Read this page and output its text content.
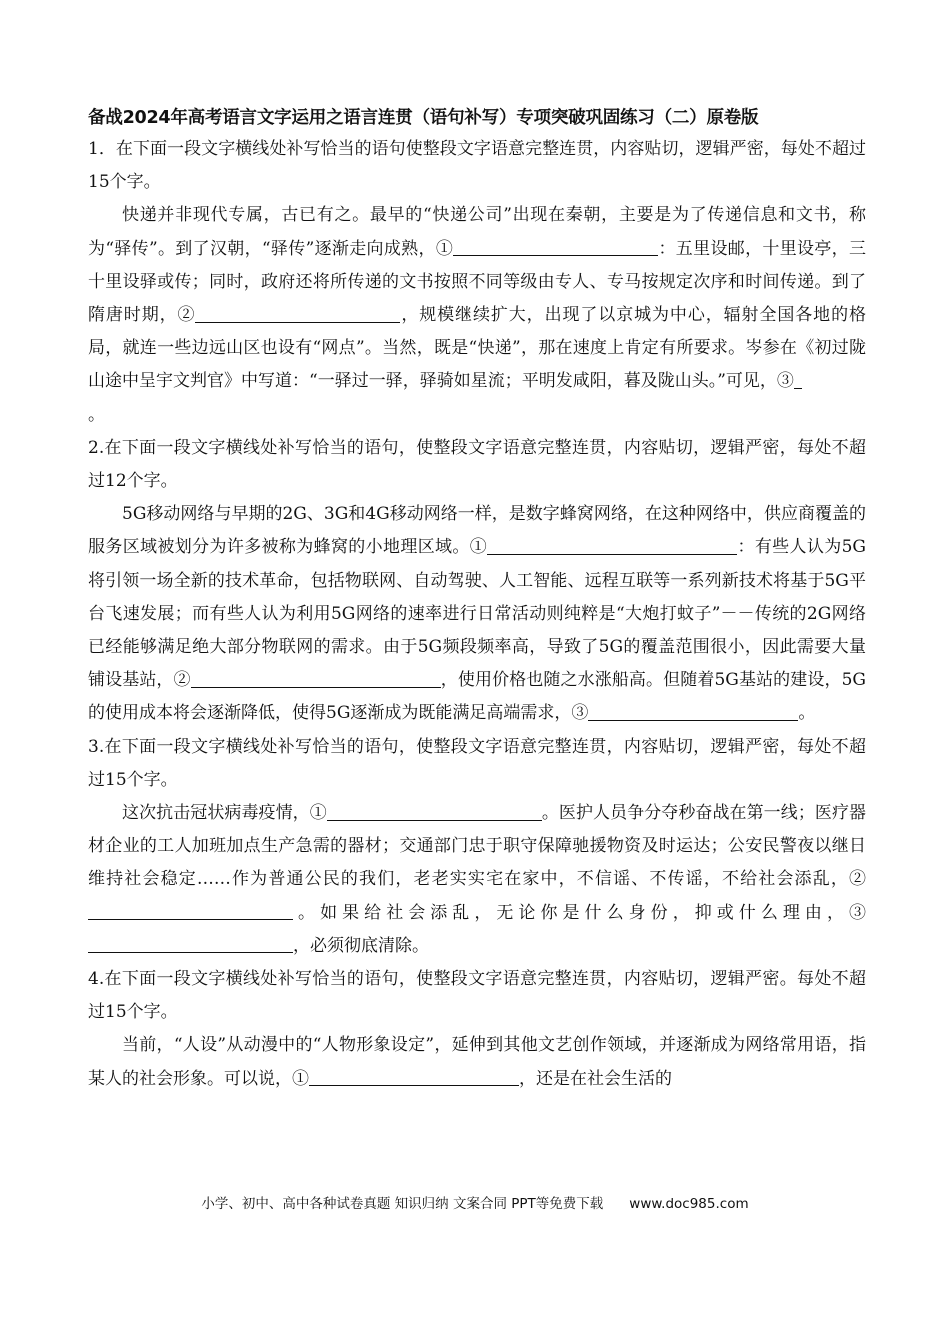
备战2024年高考语言文字运用之语言连贯（语句补写）专项突破巩固练习（二）原卷版

1．在下面一段文字横线处补写恰当的语句使整段文字语意完整连贯，内容贴切，逻辑严密，每处不超过15个字。

快递并非现代专属，古已有之。最早的“快递公司”出现在秦朝，主要是为了传递信息和文书，称为“驿传”。到了汉朝，“驿传”逐渐走向成熟，①	：五里设邮，十里设亭，三十里设驿或传；同时，政府还将所传递的文书按照不同等级由专人、专马按规定次序和时间传递。到了隋唐时期，②	，规模继续扩大，出现了以京城为中心，辐射全国各地的格局，就连一些边远山区也设有“网点”。当然，既是“快递”，那在速度上肯定有所要求。岑参在《初过陇山途中呈宇文判官》中写道：“一驿过一驿，驿骑如星流；平明发咸阳，暮及陇山头。”可见，③
。

2.在下面一段文字横线处补写恰当的语句，使整段文字语意完整连贯，内容贴切，逻辑严密，每处不超过12个字。

5G移动网络与早期的2G、3G和4G移动网络一样，是数字蜂窝网络，在这种网络中，供应商覆盖的服务区域被划分为许多被称为蜂窝的小地理区域。①	：有些人认为5G将引领一场全新的技术革命，包括物联网、自动驾驶、人工智能、远程互联等一系列新技术将基于5G平台飞速发展；而有些人认为利用5G网络的速率进行日常活动则纯粹是“大炮打蚊子”－－传统的2G网络已经能够满足绝大部分物联网的需求。由于5G频段频率高，导致了5G的覆盖范围很小，因此需要大量铺设基站，②	，使用价格也随之水涨船高。但随着5G基站的建设，5G的使用成本将会逐渐降低，使得5G逐渐成为既能满足高端需求，③	。

3.在下面一段文字横线处补写恰当的语句，使整段文字语意完整连贯，内容贴切，逻辑严密，每处不超过15个字。

这次抗击冠状病毒疫情，①	。医护人员争分夺秒奋战在第一线；医疗器材企业的工人加班加点生产急需的器材；交通部门忠于职守保障驰援物资及时运达；公安民警夜以继日维持社会稳定……作为普通公民的我们，老老实实宅在家中，不信谣、不传谣，不给社会添乱，②。如果给社会添乱，无论你是什么身份，抑或什么理由，③，必须彻底清除。

4.在下面一段文字横线处补写恰当的语句，使整段文字语意完整连贯，内容贴切，逻辑严密。每处不超过15个字。

当前，“人设”从动漫中的“人物形象设定”，延伸到其他文艺创作领域，并逐渐成为网络常用语，指某人的社会形象。可以说，①	，还是在社会生活的

小学、初中、高中各种试卷真题 知识归纳 文案合同 PPT等免费下载 www.doc985.com
